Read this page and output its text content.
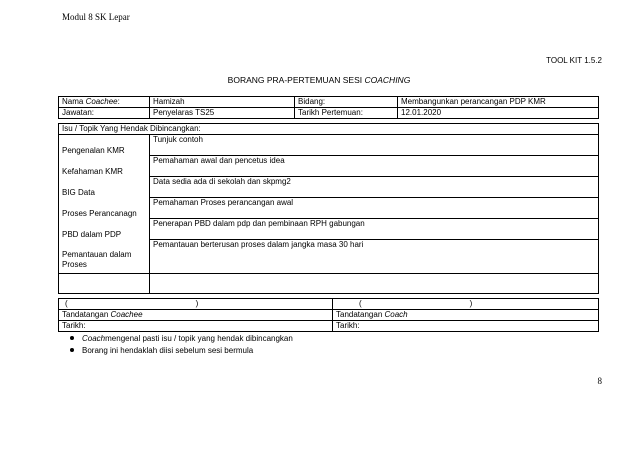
Modul 8 SK Lepar
TOOL KIT 1.5.2
BORANG PRA-PERTEMUAN SESI COACHING
Nama Coachee:	Hamizah	Bidang:	Membangunkan perancangan PDP KMR
Jawatan:	Penyelaras TS25	Tarikh Pertemuan:	12.01.2020
Isu / Topik Yang Hendak Dibincangkan:	

Pengenalan KMR	Tunjuk contoh

Kefahaman KMR	Pemahaman awal dan pencetus idea

BIG Data	Data sedia ada di sekolah dan skpmg2

Proses Perancanagn	Pemahaman Proses perancangan awal

PBD dalam PDP	Penerapan PBD dalam pdp dan pembinaan RPH gabungan
Pemantauan dalam Proses	Pemantauan berterusan proses dalam jangka masa 30 hari

( )	( )
Tandatangan Coachee	Tandatangan Coach
Tarikh:	Tarikh:
Coach mengenal pasti isu / topik yang hendak dibincangkan
Borang ini hendaklah diisi sebelum sesi bermula
8
